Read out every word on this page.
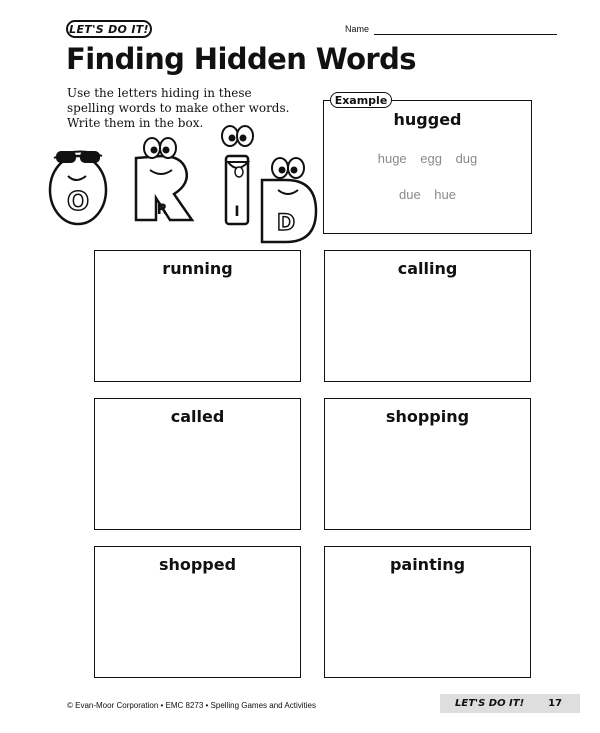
LET'S DO IT!	Name
Finding Hidden Words
Use the letters hiding in these
spelling words to make other words.
Write them in the box.
O	R	I D
Example
hugged
huge egg dug
due hue
running	calling
called	shopping
shopped	painting
© Evan-Moor Corporation • EMC 8273 • Spelling Games and Activities	LET'S DO IT! 17
